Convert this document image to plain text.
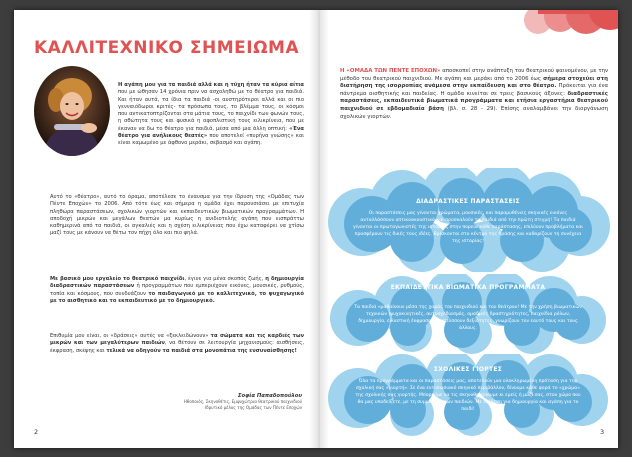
ΚΑΛΛΙΤΕΧΝΙΚΟ ΣΗΜΕΙΩΜΑ

Η αγάπη μου για τα παιδιά αλλά και η τύχη ήταν τα κύρια αίτια που με ώθησαν 14 χρόνια πριν να ασχοληθώ με το θέατρο για παιδιά. Και ήταν αυτά, τα ίδια τα παιδιά -οι αυστηρότεροι αλλά και οι πιο γενναιόδωροι κριτές- τα πρόσωπα τους, το βλέμμα τους, οι κόσμοι που αντικατοπτρίζονται στα μάτια τους, το παιχνίδι των φωνών τους, η αθώτητα τους και φυσικά η αφοπλιστική τους ειλικρίνεια, που με έκαναν να δω το θέατρο για παιδιά, μέσα από μια άλλη οπτική: «Ένα θέατρο για ανήλικους θεατές» που αποτελεί «πυρήνα γνώσης» και είναι καμωμένο με άφθονο μεράκι, σεβασμό και αγάπη.

Αυτό το «θέατρο», αυτό το όραμα, αποτέλεσε το έναυσμα για την ίδρυση της «Ομάδας των Πέντε Εποχών» το 2006. Από τότε έως και σήμερα η ομάδα έχει παρουσιάσει με επιτυχία πληθώρα παραστάσεων, σχολικών γιορτών και εκπαιδευτικών βιωματικών προγραμμάτων. Η αποδοχή μικρών και μεγάλων θεατών μα κυρίως η ανιδιοτελής αγάπη που εισπράττω καθημερινά από τα παιδιά, οι αγκαλιές και η σχέση ειλικρίνειας που έχω καταφέρει να χτίσω μαζί τους με κάνουν να θέτω τον πήχη όλο και πιο ψηλά.

Με βασικό μου εργαλείο το θεατρικό παιχνίδι, έγινε για μένα σκοπός ζωής, η δημιουργία διαδραστικών παραστάσεων ή προγραμμάτων που εμπεριέχουν εικόνες, μουσικές, ρυθμούς, τοπία και κόσμους, που συνδυάζουν το παιδαγωγικό με το καλλιτεχνικό, το ψυχαγωγικό με το αισθητικό και το εκπαιδευτικό με το δημιουργικό.

Επιθυμία μου είναι, οι «δράσεις» αυτές να «ξεκλειδώνουν» τα σώματα και τις καρδιές των μικρών και των μεγαλύτερων παιδιών, να θέτουν σε λειτουργία μηχανισμούς: αισθήσεις, έκφραση, σκέψης και τελικά να οδηγούν τα παιδιά στα μονοπάτια της ενσυναίσθησης!

Σοφία Παπαδοπούλου
Ηθοποιός, Σκηνοθέτις, Εμψυχώτρια θεατρικού παιχνιδιού
Ιδρυτικό μέλος της Ομάδας των Πέντε Εποχών
2

Η «ΟΜΑΔΑ ΤΩΝ ΠΕΝΤΕ ΕΠΟΧΩΝ» αποσκοπεί στην ανάπτυξη του θεατρικού φαινομένου, με την μέθοδο του θεατρικού παιχνιδιού. Με αγάπη και μεράκι από το 2006 έως σήμερα στοχεύει στη διατήρηση της ισορροπίας ανάμεσα στην εκπαίδευση και στο θέατρο. Πρόκειται για ένα πάντρεμα αισθητικής και παιδείας. Η ομάδα κινείται σε τρεις βασικούς άξονες: διαδραστικές παραστάσεις, εκπαιδευτικά βιωματικά προγράμματα και ετήσια εργαστήρια θεατρικού παιχνιδιού σε εβδομαδιαία βάση (βλ. σ. 28 - 29). Επίσης αναλαμβάνει την διοργάνωση σχολικών γιορτών.

ΔΙΑΔΡΑΣΤΙΚΕΣ ΠΑΡΑΣΤΑΣΕΙΣ

Οι παραστάσεις μας γίνονται χρώματα, μουσικές, και παραμυθένιες σκηνικές εικόνες ανταλλάσσουν οπτικοακουστικά και προσκαλούν τα παιδιά από την πρώτη στιγμή! Τα παιδιά γίνονται οι πρωταγωνιστές της ιστορίας στην πορεία κάθε παράστασης, επιλύουν προβλήματα και προσφέρουν τις δικές τους ιδέες. Βρίσκονται στο κέντρο της δράσης και καθορίζουν τη συνέχεια της ιστορίας!

ΕΚΠΑΙΔΕΥΤΙΚΑ ΒΙΩΜΑΤΙΚΑ ΠΡΟΓΡΑΜΜΑΤΑ

Τα παιδιά «μαθαίνουν μέσα της χαράς του παιχνιδιού και του θεάτρου! Με την χρήση βιωματικών τεχνικών (ψυχοκινητικές, αυτοσχεδιασμός, ομαδικές δραστηριότητες, παιχνίδια ρόλων, δημιουργία, εικαστική έκφραση) αναπτύσσουν δεξιότητες, γνωρίζουν τον εαυτό τους και τους άλλους.

ΣΧΟΛΙΚΕΣ ΓΙΟΡΤΕΣ

Όλα τα προγράμματα και οι παραστάσεις μας, αποτελούν μια ολοκληρωμένη πρόταση για την σχολική σας «γιορτή». Σε ένα εντυπωσιακό σκηνικό περιβάλλον, δίνουμε κάθε φορά το «χρώμα» της σχολικής σας γιορτής. Μπορούμε να τις σκηνοθετήσουμε κι εμείς ή μαζί σας, στον χώρο που θα μας υποδείξετε, με τη συμμετοχή των παιδιών. Με διάθεση για δημιουργία και αγάπη για το παιδί!

3
